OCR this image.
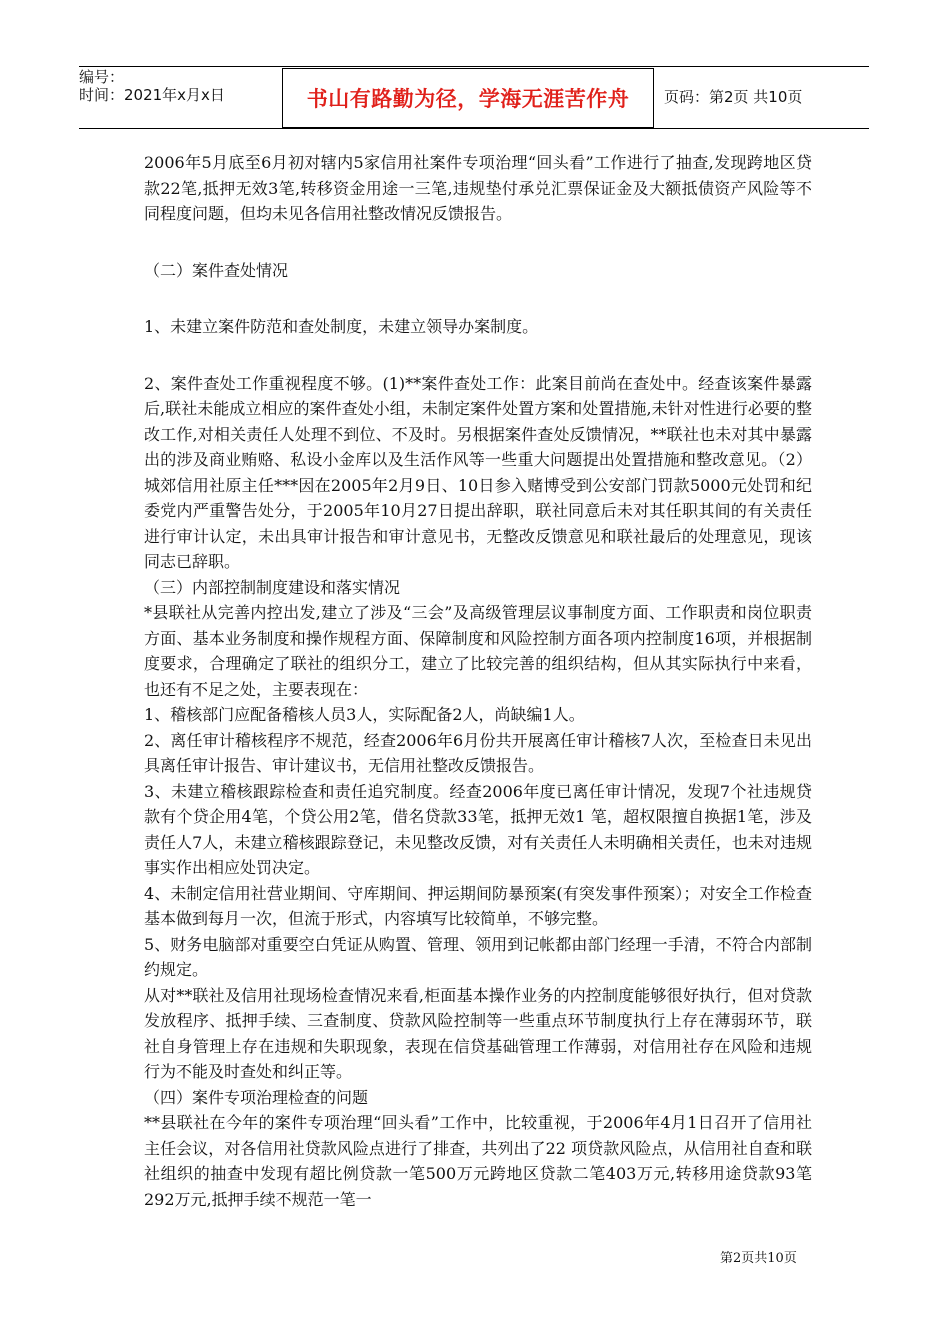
编号：
时间：2021年x月x日	书山有路勤为径，学海无涯苦作舟 页码：第2页 共10页

2006年5月底至6月初对辖内5家信用社案件专项治理“回头看”工作进行了抽查,发现跨地区贷款22笔,抵押无效3笔,转移资金用途一三笔,违规垫付承兑汇票保证金及大额抵债资产风险等不同程度问题，但均未见各信用社整改情况反馈报告。

（二）案件查处情况

1、未建立案件防范和查处制度，未建立领导办案制度。

2、案件查处工作重视程度不够。(1)**案件查处工作：此案目前尚在查处中。经查该案件暴露后,联社未能成立相应的案件查处小组，未制定案件处置方案和处置措施,未针对性进行必要的整改工作,对相关责任人处理不到位、不及时。另根据案件查处反馈情况，**联社也未对其中暴露出的涉及商业贿赂、私设小金库以及生活作风等一些重大问题提出处置措施和整改意见。（2）城郊信用社原主任***因在2005年2月9日、10日参入赌博受到公安部门罚款5000元处罚和纪委党内严重警告处分，于2005年10月27日提出辞职，联社同意后未对其任职其间的有关责任进行审计认定，未出具审计报告和审计意见书，无整改反馈意见和联社最后的处理意见，现该同志已辞职。

（三）内部控制制度建设和落实情况

*县联社从完善内控出发,建立了涉及“三会”及高级管理层议事制度方面、工作职责和岗位职责方面、基本业务制度和操作规程方面、保障制度和风险控制方面各项内控制度16项，并根据制度要求，合理确定了联社的组织分工，建立了比较完善的组织结构，但从其实际执行中来看，也还有不足之处，主要表现在：

1、稽核部门应配备稽核人员3人，实际配备2人，尚缺编1人。

2、离任审计稽核程序不规范，经查2006年6月份共开展离任审计稽核7人次，至检查日未见出具离任审计报告、审计建议书，无信用社整改反馈报告。

3、未建立稽核跟踪检查和责任追究制度。经查2006年度已离任审计情况，发现7个社违规贷款有个贷企用4笔，个贷公用2笔，借名贷款33笔，抵押无效1 笔，超权限擅自换据1笔，涉及责任人7人，未建立稽核跟踪登记，未见整改反馈，对有关责任人未明确相关责任，也未对违规事实作出相应处罚决定。

4、未制定信用社营业期间、守库期间、押运期间防暴预案(有突发事件预案）；对安全工作检查基本做到每月一次，但流于形式，内容填写比较简单，不够完整。

5、财务电脑部对重要空白凭证从购置、管理、领用到记帐都由部门经理一手清，不符合内部制约规定。

从对**联社及信用社现场检查情况来看,柜面基本操作业务的内控制度能够很好执行，但对贷款发放程序、抵押手续、三查制度、贷款风险控制等一些重点环节制度执行上存在薄弱环节，联社自身管理上存在违规和失职现象，表现在信贷基础管理工作薄弱，对信用社存在风险和违规行为不能及时查处和纠正等。

（四）案件专项治理检查的问题

**县联社在今年的案件专项治理“回头看”工作中，比较重视，于2006年4月1日召开了信用社主任会议，对各信用社贷款风险点进行了排查，共列出了22 项贷款风险点，从信用社自查和联社组织的抽查中发现有超比例贷款一笔500万元跨地区贷款二笔403万元,转移用途贷款93笔292万元,抵押手续不规范一笔一

第2页共10页
